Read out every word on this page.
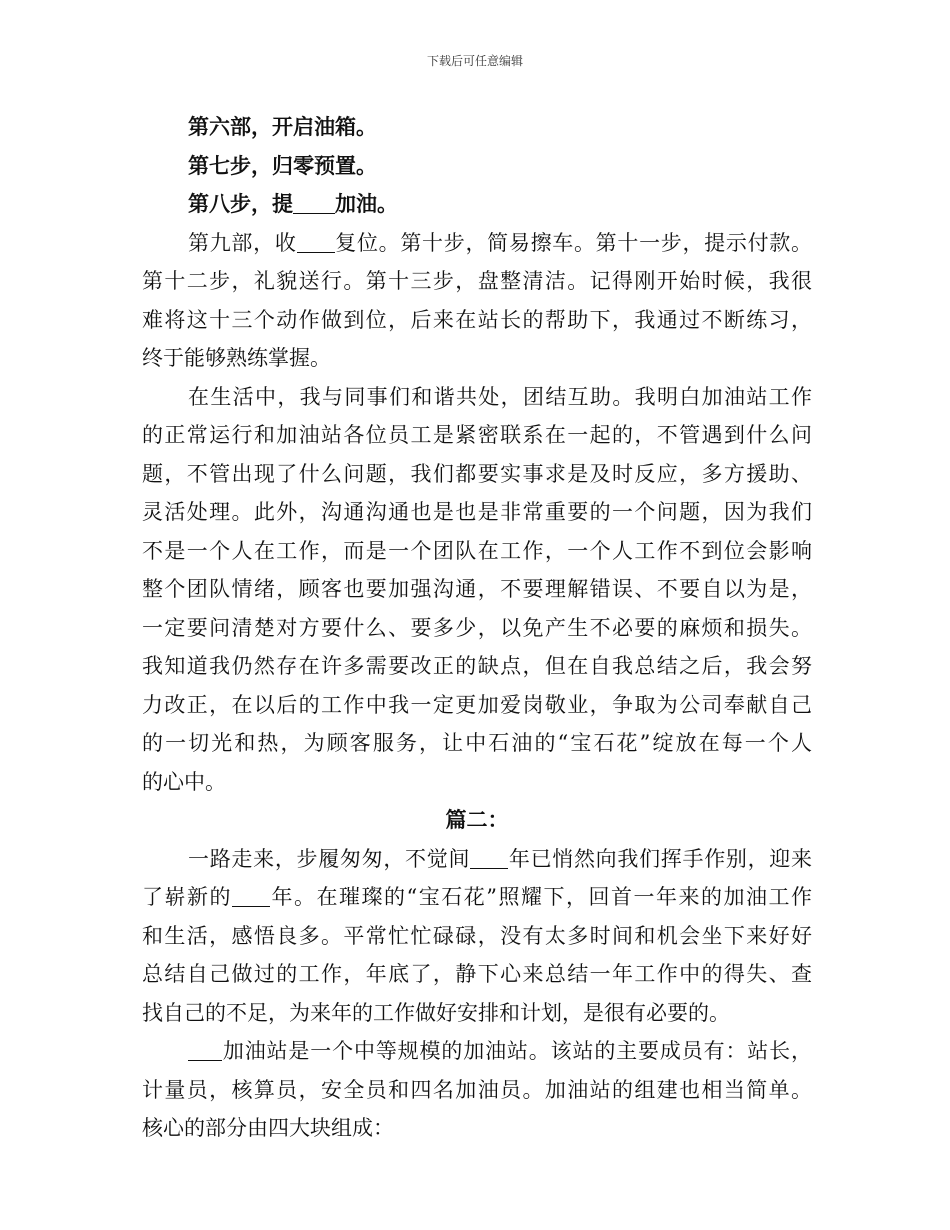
下载后可任意编辑
第六部，开启油箱。
第七步，归零预置。
第八步，提 加油。
第九部，收 复位。第十步，简易擦车。第十一步，提示付款。
第十二步，礼貌送行。第十三步，盘整清洁。记得刚开始时候，我很
难将这十三个动作做到位，后来在站长的帮助下，我通过不断练习，
终于能够熟练掌握。
在生活中，我与同事们和谐共处，团结互助。我明白加油站工作
的正常运行和加油站各位员工是紧密联系在一起的，不管遇到什么问
题，不管出现了什么问题，我们都要实事求是及时反应，多方援助、
灵活处理。此外，沟通沟通也是也是非常重要的一个问题，因为我们
不是一个人在工作，而是一个团队在工作，一个人工作不到位会影响
整个团队情绪，顾客也要加强沟通，不要理解错误、不要自以为是，
一定要问清楚对方要什么、要多少，以免产生不必要的麻烦和损失。
我知道我仍然存在许多需要改正的缺点，但在自我总结之后，我会努
力改正，在以后的工作中我一定更加爱岗敬业，争取为公司奉献自己
的一切光和热，为顾客服务，让中石油的“宝石花”绽放在每一个人
的心中。
篇二：
一路走来，步履匆匆，不觉间 年已悄然向我们挥手作别，迎来
了崭新的 年。在璀璨的“宝石花”照耀下，回首一年来的加油工作
和生活，感悟良多。平常忙忙碌碌，没有太多时间和机会坐下来好好
总结自己做过的工作，年底了，静下心来总结一年工作中的得失、查
找自己的不足，为来年的工作做好安排和计划，是很有必要的。
加油站是一个中等规模的加油站。该站的主要成员有：站长，
计量员，核算员，安全员和四名加油员。加油站的组建也相当简单。
核心的部分由四大块组成：
